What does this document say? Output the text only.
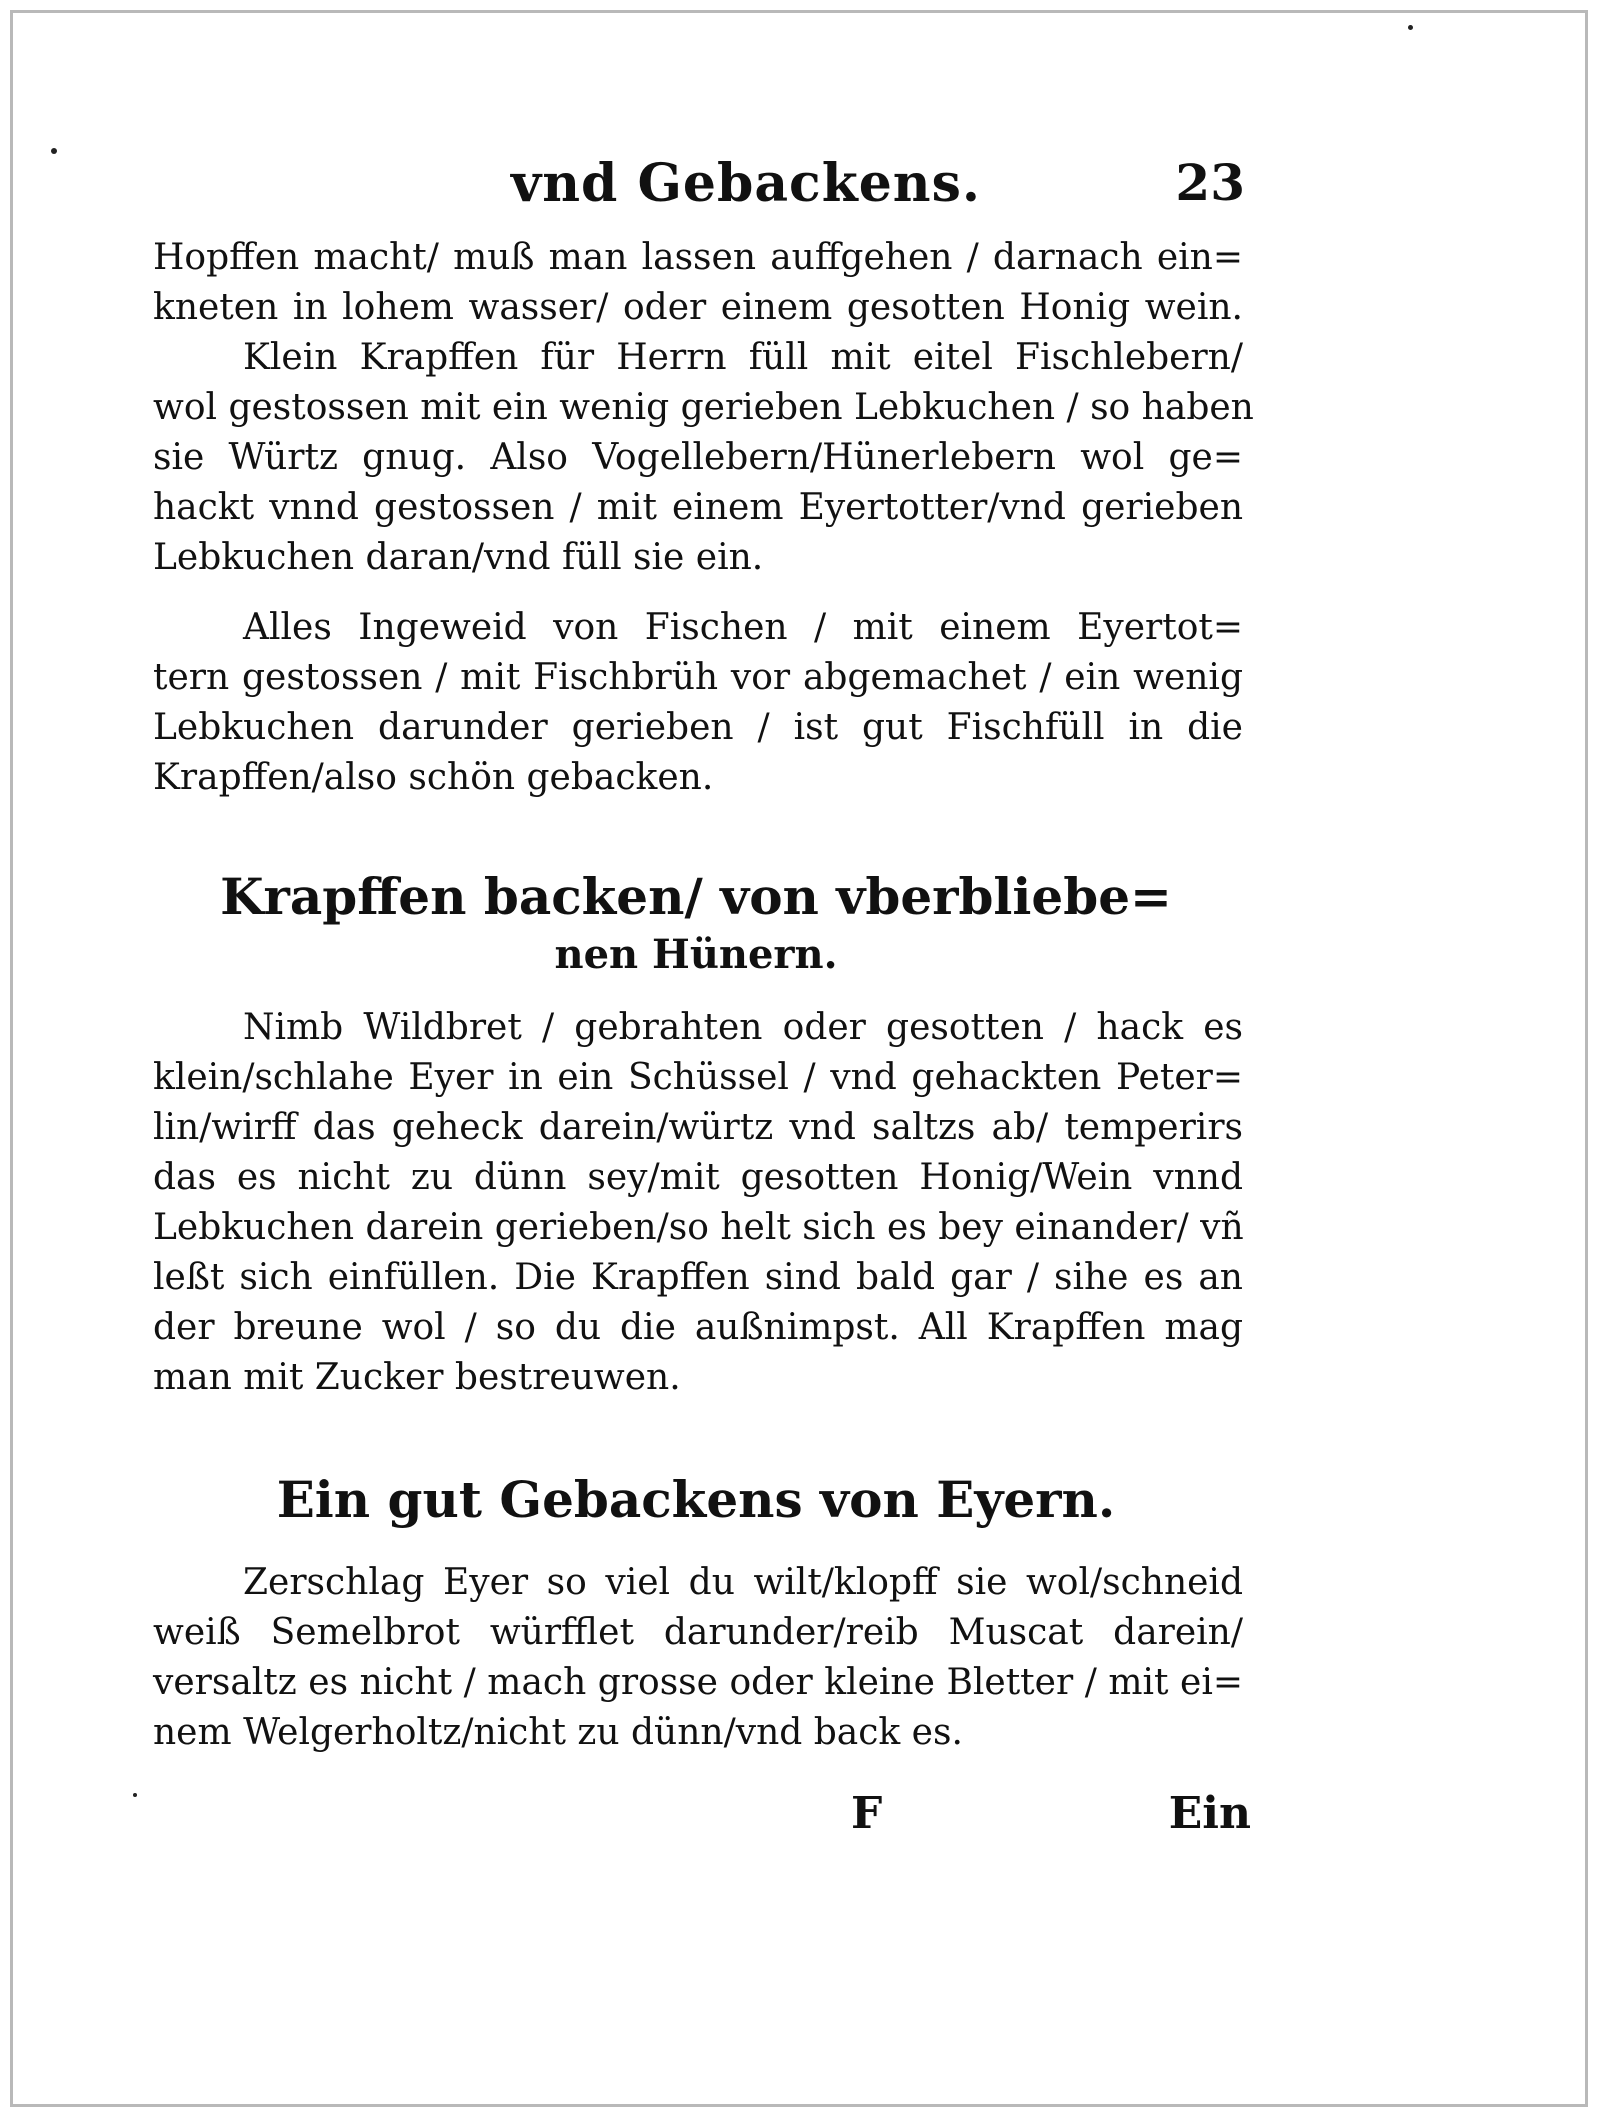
vnd Gebackens.	23
Hopffen macht/ muß man lassen auffgehen / darnach ein=
kneten in lohem wasser/ oder einem gesotten Honig wein.
Klein Krapffen für Herrn füll mit eitel Fischlebern/
wol gestossen mit ein wenig gerieben Lebkuchen / so haben
sie Würtz gnug. Also Vogellebern/Hünerlebern wol ge=
hackt vnnd gestossen / mit einem Eyertotter/vnd gerieben
Lebkuchen daran/vnd füll sie ein.
Alles Ingeweid von Fischen / mit einem Eyertot=
tern gestossen / mit Fischbrüh vor abgemachet / ein wenig
Lebkuchen darunder gerieben / ist gut Fischfüll in die
Krapffen/also schön gebacken.
Krapffen backen/ von vberbliebe=
nen Hünern.
Nimb Wildbret / gebrahten oder gesotten / hack es
klein/schlahe Eyer in ein Schüssel / vnd gehackten Peter=
lin/wirff das geheck darein/würtz vnd saltzs ab/ temperirs
das es nicht zu dünn sey/mit gesotten Honig/Wein vnnd
Lebkuchen darein gerieben/so helt sich es bey einander/ vñ
leßt sich einfüllen. Die Krapffen sind bald gar / sihe es an
der breune wol / so du die außnimpst. All Krapffen mag
man mit Zucker bestreuwen.
Ein gut Gebackens von Eyern.
Zerschlag Eyer so viel du wilt/klopff sie wol/schneid
weiß Semelbrot würfflet darunder/reib Muscat darein/
versaltz es nicht / mach grosse oder kleine Bletter / mit ei=
nem Welgerholtz/nicht zu dünn/vnd back es.
F	Ein
